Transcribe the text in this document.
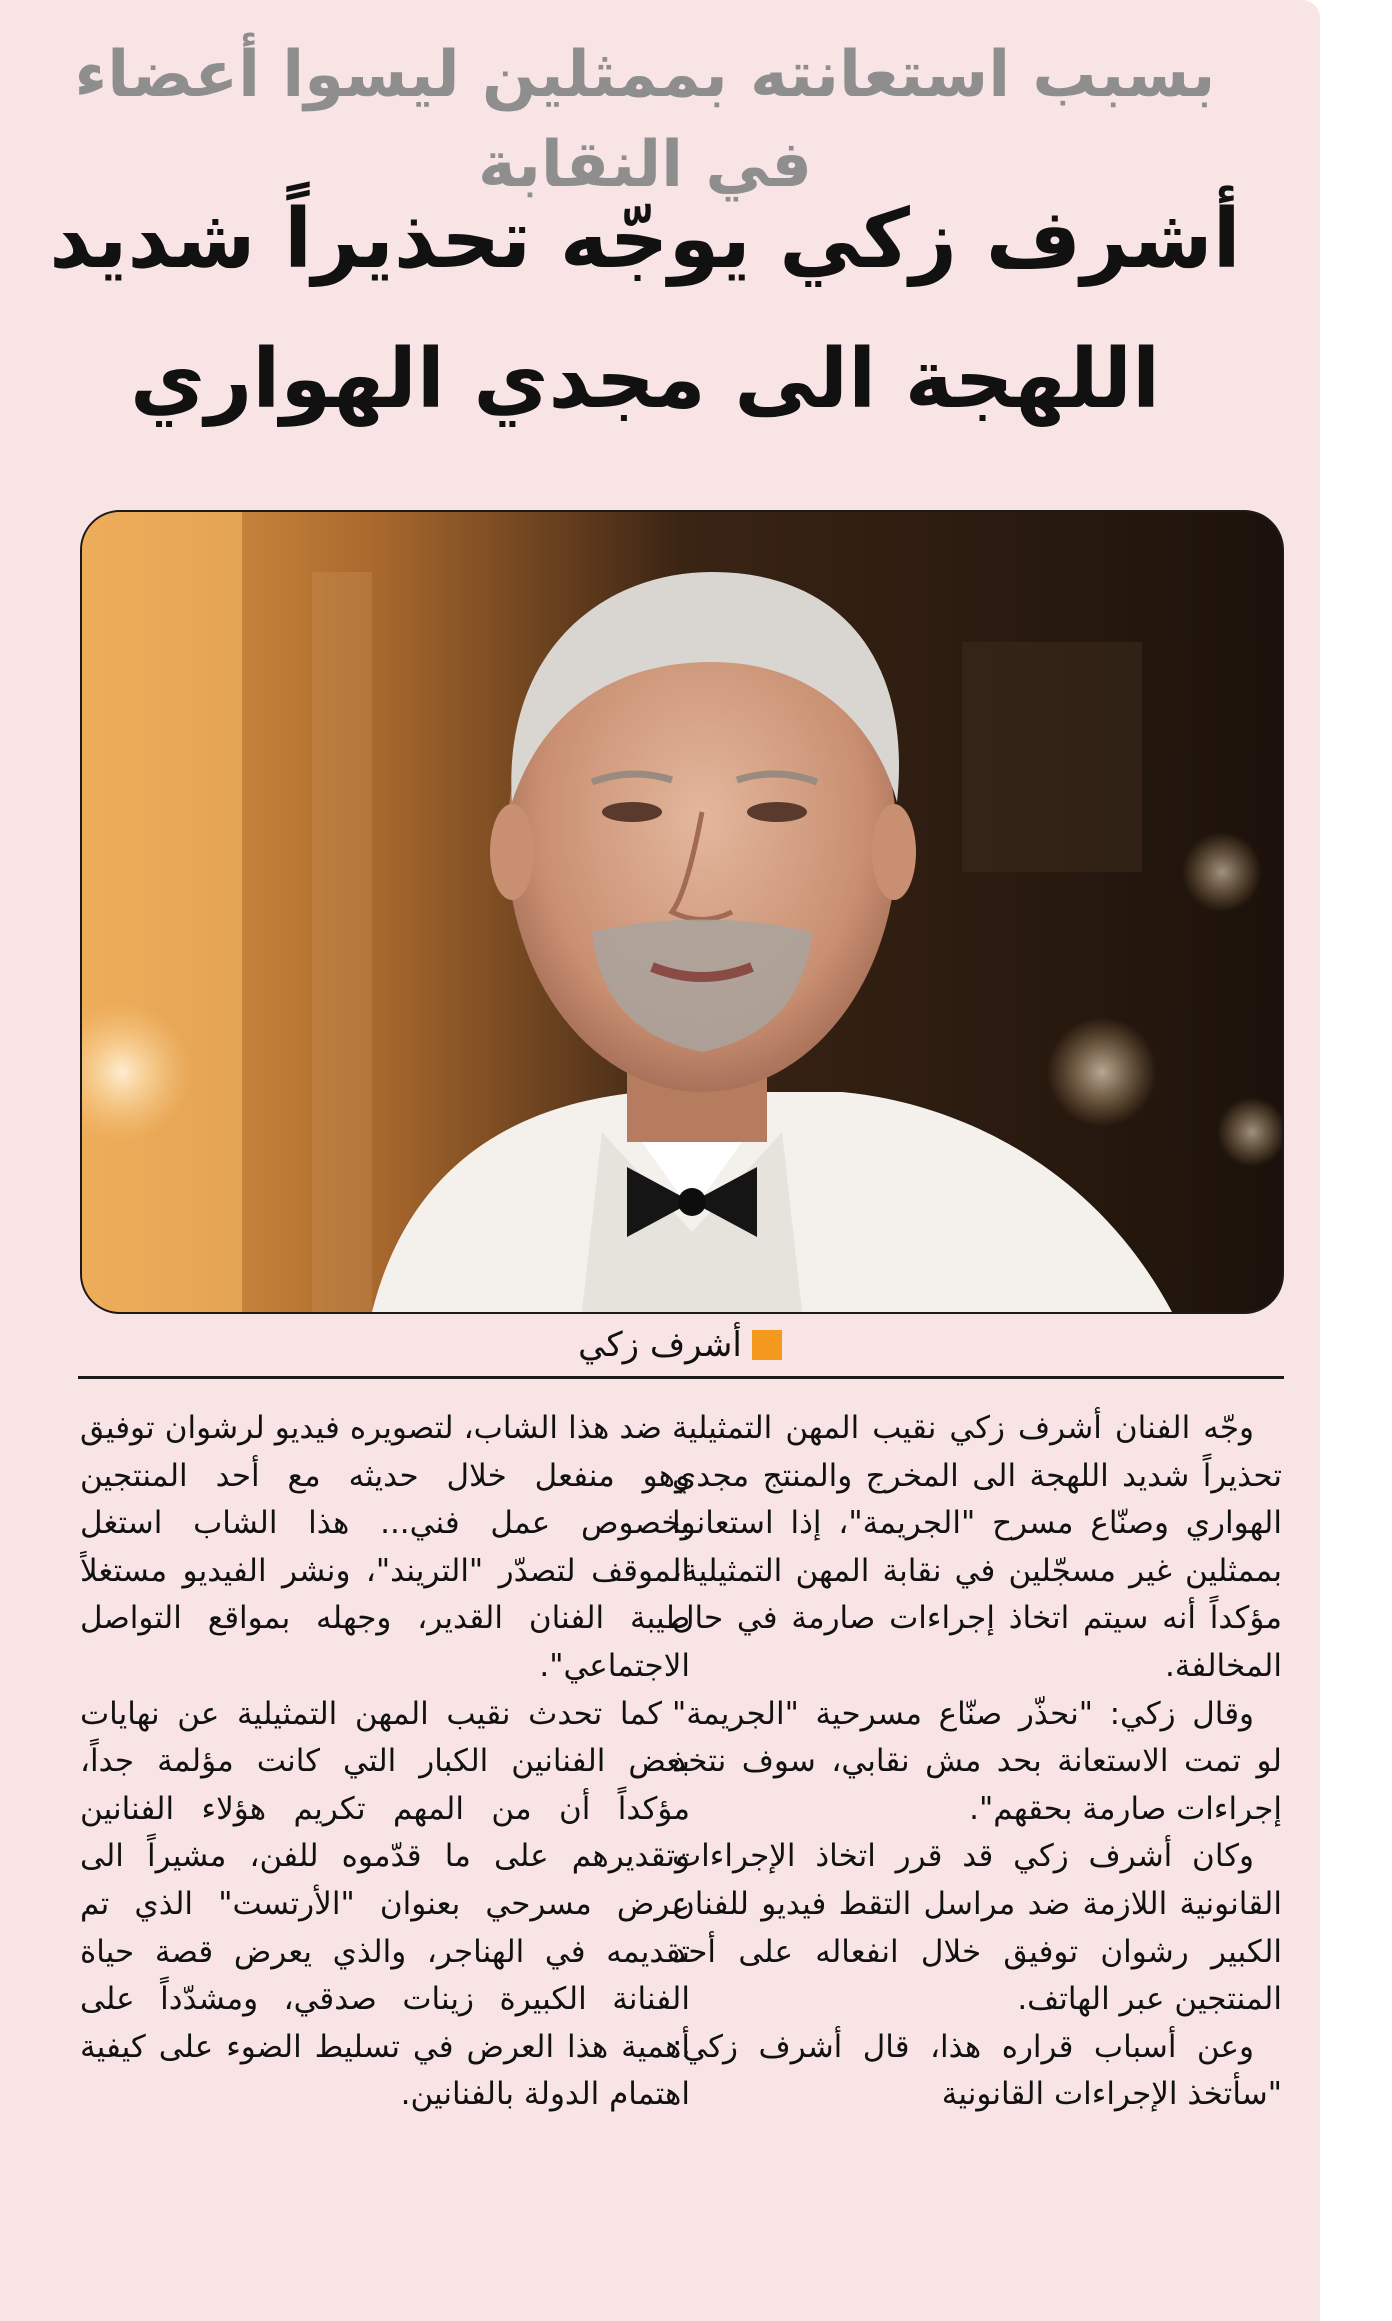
بسبب استعانته بممثلين ليسوا أعضاء في النقابة
أشرف زكي يوجّه تحذيراً شديد
اللهجة الى مجدي الهواري
أشرف زكي

وجّه الفنان أشرف زكي نقيب المهن التمثيلية تحذيراً شديد اللهجة الى المخرج والمنتج مجدي الهواري وصنّاع مسرح "الجريمة"، إذا استعانوا بممثلين غير مسجّلين في نقابة المهن التمثيلية، مؤكداً أنه سيتم اتخاذ إجراءات صارمة في حال المخالفة.

وقال زكي: "نحذّر صنّاع مسرحية "الجريمة" لو تمت الاستعانة بحد مش نقابي، سوف نتخذ إجراءات صارمة بحقهم".

وكان أشرف زكي قد قرر اتخاذ الإجراءات القانونية اللازمة ضد مراسل التقط فيديو للفنان الكبير رشوان توفيق خلال انفعاله على أحد المنتجين عبر الهاتف.

وعن أسباب قراره هذا، قال أشرف زكي: "سأتخذ الإجراءات القانونية

ضد هذا الشاب، لتصويره فيديو لرشوان توفيق وهو منفعل خلال حديثه مع أحد المنتجين بخصوص عمل فني... هذا الشاب استغل الموقف لتصدّر "التريند"، ونشر الفيديو مستغلاً طيبة الفنان القدير، وجهله بمواقع التواصل الاجتماعي".

كما تحدث نقيب المهن التمثيلية عن نهايات بعض الفنانين الكبار التي كانت مؤلمة جداً، مؤكداً أن من المهم تكريم هؤلاء الفنانين وتقديرهم على ما قدّموه للفن، مشيراً الى عرض مسرحي بعنوان "الأرتست" الذي تم تقديمه في الهناجر، والذي يعرض قصة حياة الفنانة الكبيرة زينات صدقي، ومشدّداً على أهمية هذا العرض في تسليط الضوء على كيفية اهتمام الدولة بالفنانين.
